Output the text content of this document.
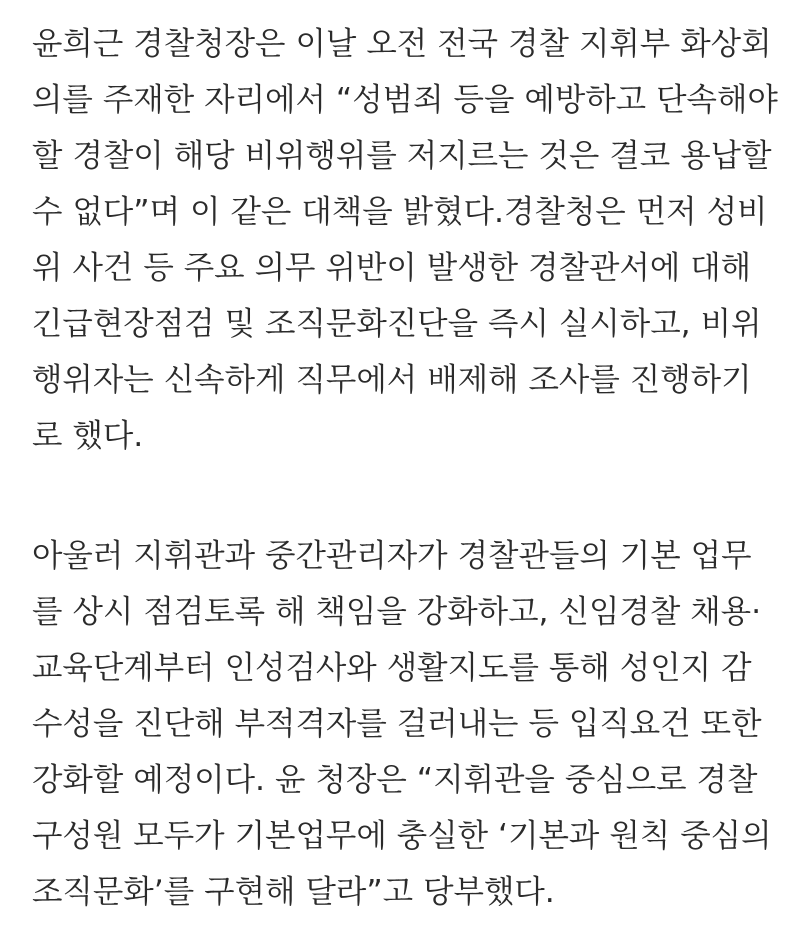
윤희근 경찰청장은 이날 오전 전국 경찰 지휘부 화상회
의를 주재한 자리에서 “성범죄 등을 예방하고 단속해야
할 경찰이 해당 비위행위를 저지르는 것은 결코 용납할
수 없다”며 이 같은 대책을 밝혔다.경찰청은 먼저 성비
위 사건 등 주요 의무 위반이 발생한 경찰관서에 대해
긴급현장점검 및 조직문화진단을 즉시 실시하고, 비위
행위자는 신속하게 직무에서 배제해 조사를 진행하기
로 했다.

아울러 지휘관과 중간관리자가 경찰관들의 기본 업무
를 상시 점검토록 해 책임을 강화하고, 신임경찰 채용·
교육단계부터 인성검사와 생활지도를 통해 성인지 감
수성을 진단해 부적격자를 걸러내는 등 입직요건 또한
강화할 예정이다. 윤 청장은 “지휘관을 중심으로 경찰
구성원 모두가 기본업무에 충실한 ‘기본과 원칙 중심의
조직문화’를 구현해 달라”고 당부했다.
